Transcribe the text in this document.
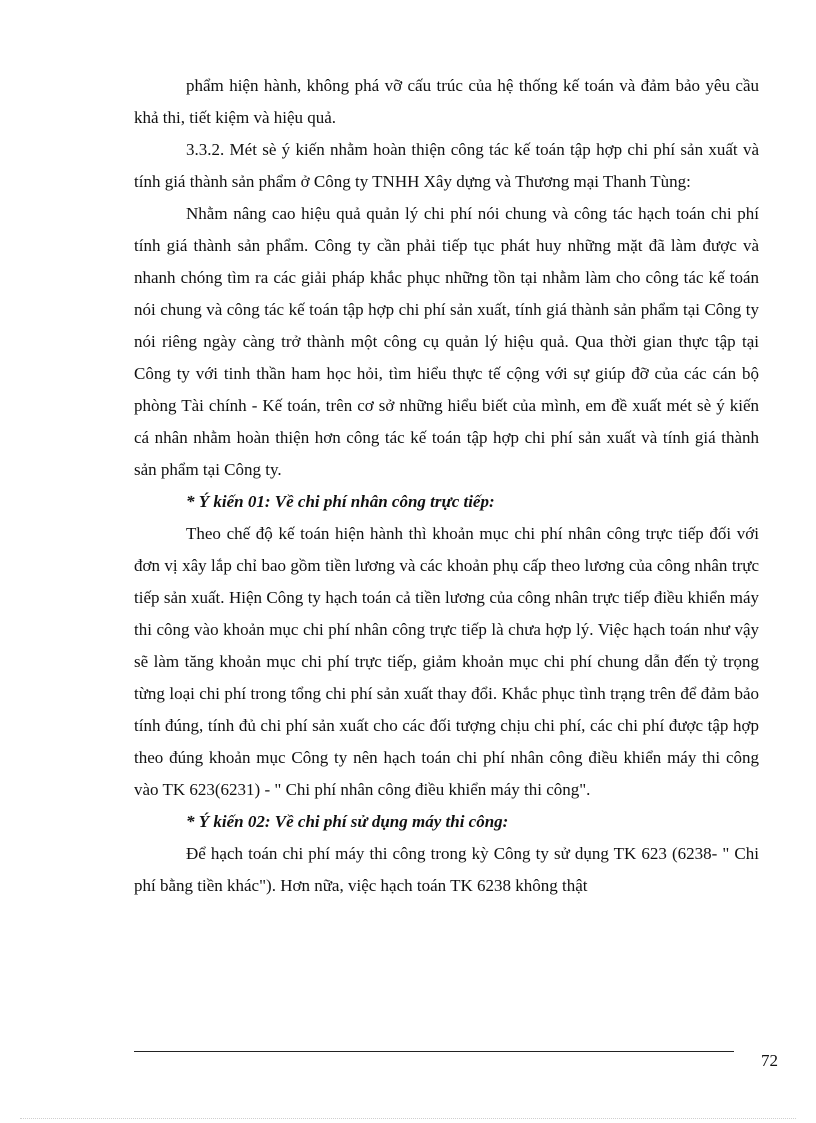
phẩm hiện hành, không phá vỡ cấu trúc của hệ thống kế toán và đảm bảo yêu cầu khả thi, tiết kiệm và hiệu quả.

3.3.2. Mét sè ý kiến nhằm hoàn thiện công tác kế toán tập hợp chi phí sản xuất và tính giá thành sản phẩm ở Công ty TNHH Xây dựng và Thương mại Thanh Tùng:

Nhằm nâng cao hiệu quả quản lý chi phí nói chung và công tác hạch toán chi phí tính giá thành sản phẩm. Công ty cần phải tiếp tục phát huy những mặt đã làm được và nhanh chóng tìm ra các giải pháp khắc phục những tồn tại nhằm làm cho công tác kế toán nói chung và công tác kế toán tập hợp chi phí sản xuất, tính giá thành sản phẩm tại Công ty nói riêng ngày càng trở thành một công cụ quản lý hiệu quả. Qua thời gian thực tập tại Công ty với tinh thần ham học hỏi, tìm hiểu thực tế cộng với sự giúp đỡ của các cán bộ phòng Tài chính - Kế toán, trên cơ sở những hiểu biết của mình, em đề xuất mét sè ý kiến cá nhân nhằm hoàn thiện hơn công tác kế toán tập hợp chi phí sản xuất và tính giá thành sản phẩm tại Công ty.

* Ý kiến 01: Về chi phí nhân công trực tiếp:

Theo chế độ kế toán hiện hành thì khoản mục chi phí nhân công trực tiếp đối với đơn vị xây lắp chỉ bao gồm tiền lương và các khoản phụ cấp theo lương của công nhân trực tiếp sản xuất. Hiện Công ty hạch toán cả tiền lương của công nhân trực tiếp điều khiển máy thi công vào khoản mục chi phí nhân công trực tiếp là chưa hợp lý. Việc hạch toán như vậy sẽ làm tăng khoản mục chi phí trực tiếp, giảm khoản mục chi phí chung dẫn đến tỷ trọng từng loại chi phí trong tổng chi phí sản xuất thay đổi. Khắc phục tình trạng trên để đảm bảo tính đúng, tính đủ chi phí sản xuất cho các đối tượng chịu chi phí, các chi phí được tập hợp theo đúng khoản mục Công ty nên hạch toán chi phí nhân công điều khiển máy thi công vào TK 623(6231) - " Chi phí nhân công điều khiển máy thi công".

* Ý kiến 02: Về chi phí sử dụng máy thi công:

Để hạch toán chi phí máy thi công trong kỳ Công ty sử dụng TK 623 (6238- " Chi phí bằng tiền khác"). Hơn nữa, việc hạch toán TK 6238 không thật

72
